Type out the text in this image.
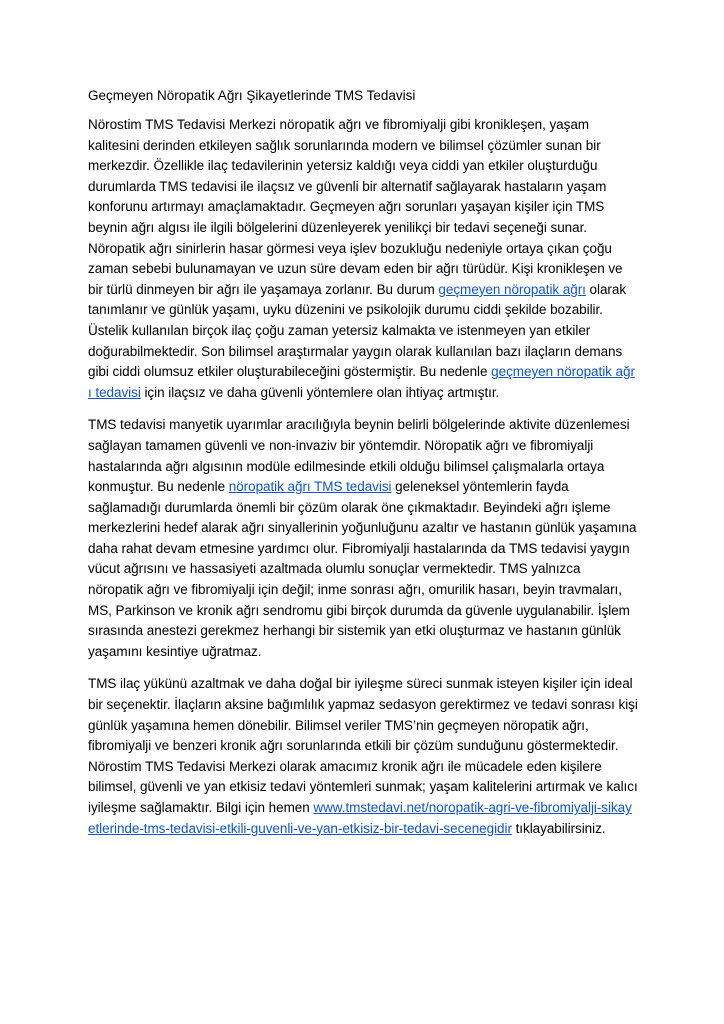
Geçmeyen Nöropatik Ağrı Şikayetlerinde TMS Tedavisi

Nörostim TMS Tedavisi Merkezi nöropatik ağrı ve fibromiyalji gibi kronikleşen, yaşam kalitesini derinden etkileyen sağlık sorunlarında modern ve bilimsel çözümler sunan bir merkezdir. Özellikle ilaç tedavilerinin yetersiz kaldığı veya ciddi yan etkiler oluşturduğu durumlarda TMS tedavisi ile ilaçsız ve güvenli bir alternatif sağlayarak hastaların yaşam konforunu artırmayı amaçlamaktadır. Geçmeyen ağrı sorunları yaşayan kişiler için TMS beynin ağrı algısı ile ilgili bölgelerini düzenleyerek yenilikçi bir tedavi seçeneği sunar. Nöropatik ağrı sinirlerin hasar görmesi veya işlev bozukluğu nedeniyle ortaya çıkan çoğu zaman sebebi bulunamayan ve uzun süre devam eden bir ağrı türüdür. Kişi kronikleşen ve bir türlü dinmeyen bir ağrı ile yaşamaya zorlanır. Bu durum geçmeyen nöropatik ağrı olarak tanımlanır ve günlük yaşamı, uyku düzenini ve psikolojik durumu ciddi şekilde bozabilir. Üstelik kullanılan birçok ilaç çoğu zaman yetersiz kalmakta ve istenmeyen yan etkiler doğurabilmektedir. Son bilimsel araştırmalar yaygın olarak kullanılan bazı ilaçların demans gibi ciddi olumsuz etkiler oluşturabileceğini göstermiştir. Bu nedenle geçmeyen nöropatik ağrı tedavisi için ilaçsız ve daha güvenli yöntemlere olan ihtiyaç artmıştır.

TMS tedavisi manyetik uyarımlar aracılığıyla beynin belirli bölgelerinde aktivite düzenlemesi sağlayan tamamen güvenli ve non-invaziv bir yöntemdir. Nöropatik ağrı ve fibromiyalji hastalarında ağrı algısının modüle edilmesinde etkili olduğu bilimsel çalışmalarla ortaya konmuştur. Bu nedenle nöropatik ağrı TMS tedavisi geleneksel yöntemlerin fayda sağlamadığı durumlarda önemli bir çözüm olarak öne çıkmaktadır. Beyindeki ağrı işleme merkezlerini hedef alarak ağrı sinyallerinin yoğunluğunu azaltır ve hastanın günlük yaşamına daha rahat devam etmesine yardımcı olur. Fibromiyalji hastalarında da TMS tedavisi yaygın vücut ağrısını ve hassasiyeti azaltmada olumlu sonuçlar vermektedir. TMS yalnızca nöropatik ağrı ve fibromiyalji için değil; inme sonrası ağrı, omurilik hasarı, beyin travmaları, MS, Parkinson ve kronik ağrı sendromu gibi birçok durumda da güvenle uygulanabilir. İşlem sırasında anestezi gerekmez herhangi bir sistemik yan etki oluşturmaz ve hastanın günlük yaşamını kesintiye uğratmaz.

TMS ilaç yükünü azaltmak ve daha doğal bir iyileşme süreci sunmak isteyen kişiler için ideal bir seçenektir. İlaçların aksine bağımlılık yapmaz sedasyon gerektirmez ve tedavi sonrası kişi günlük yaşamına hemen dönebilir. Bilimsel veriler TMS’nin geçmeyen nöropatik ağrı, fibromiyalji ve benzeri kronik ağrı sorunlarında etkili bir çözüm sunduğunu göstermektedir. Nörostim TMS Tedavisi Merkezi olarak amacımız kronik ağrı ile mücadele eden kişilere bilimsel, güvenli ve yan etkisiz tedavi yöntemleri sunmak; yaşam kalitelerini artırmak ve kalıcı iyileşme sağlamaktır. Bilgi için hemen www.tmstedavi.net/noropatik-agri-ve-fibromiyalji-sikayetlerinde-tms-tedavisi-etkili-guvenli-ve-yan-etkisiz-bir-tedavi-secenegidir tıklayabilirsiniz.
